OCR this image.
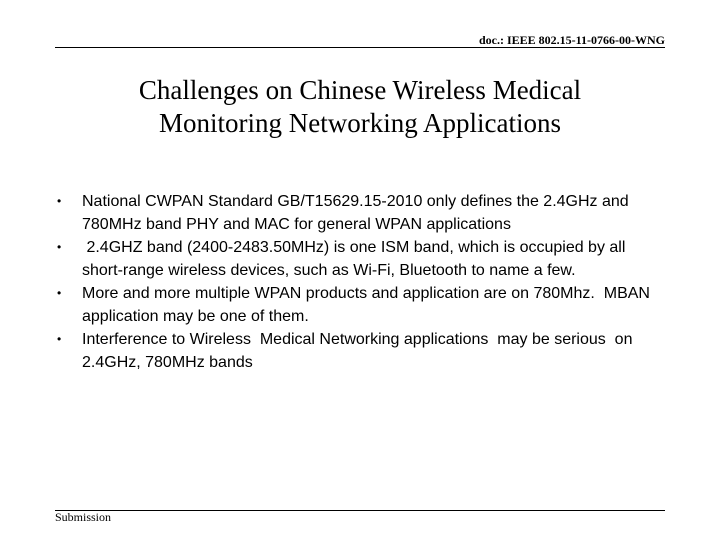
doc.: IEEE 802.15-11-0766-00-WNG
Challenges on Chinese Wireless Medical
Monitoring Networking Applications
• National CWPAN Standard GB/T15629.15-2010 only defines the 2.4GHz and 780MHz band PHY and MAC for general WPAN applications
• 2.4GHZ band (2400-2483.50MHz) is one ISM band, which is occupied by all short-range wireless devices, such as Wi-Fi, Bluetooth to name a few.
• More and more multiple WPAN products and application are on 780Mhz.  MBAN application may be one of them.
• Interference to Wireless  Medical Networking applications  may be serious  on 2.4GHz, 780MHz bands
Submission
